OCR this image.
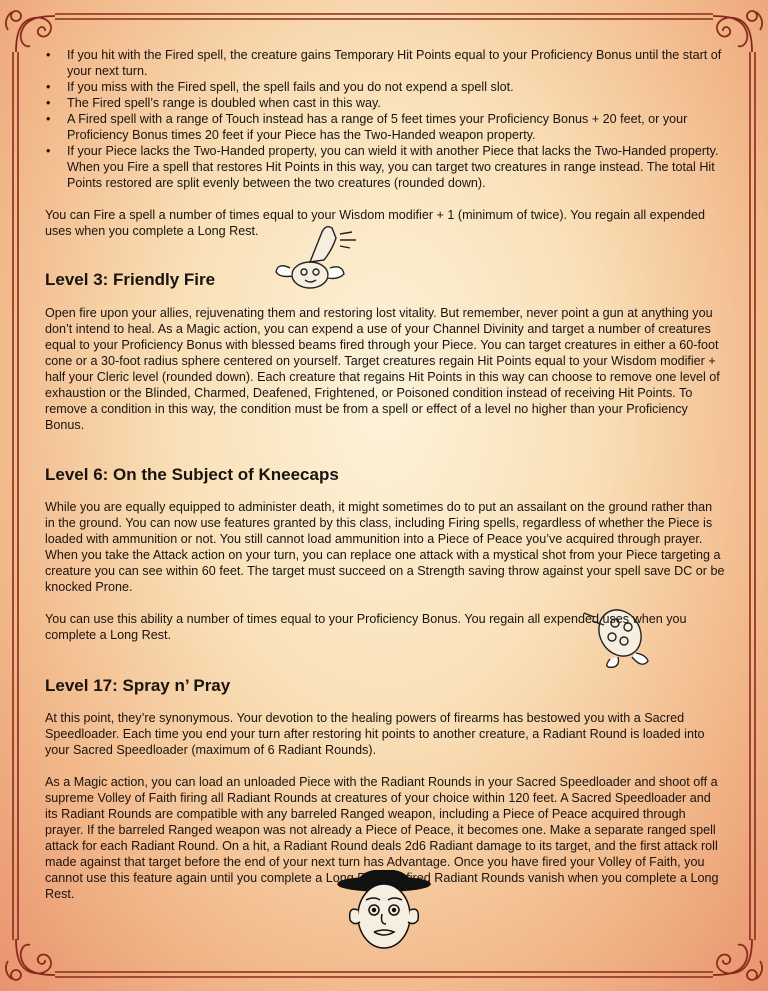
• If you hit with the Fired spell, the creature gains Temporary Hit Points equal to your Proficiency Bonus until the start of your next turn.
• If you miss with the Fired spell, the spell fails and you do not expend a spell slot.
• The Fired spell’s range is doubled when cast in this way.
• A Fired spell with a range of Touch instead has a range of 5 feet times your Proficiency Bonus + 20 feet, or your Proficiency Bonus times 20 feet if your Piece has the Two-Handed weapon property.
• If your Piece lacks the Two-Handed property, you can wield it with another Piece that lacks the Two-Handed property. When you Fire a spell that restores Hit Points in this way, you can target two creatures in range instead. The total Hit Points restored are split evenly between the two creatures (rounded down).

You can Fire a spell a number of times equal to your Wisdom modifier + 1 (minimum of twice). You regain all expended uses when you complete a Long Rest.

Level 3: Friendly Fire

Open fire upon your allies, rejuvenating them and restoring lost vitality. But remember, never point a gun at anything you don’t intend to heal. As a Magic action, you can expend a use of your Channel Divinity and target a number of creatures equal to your Proficiency Bonus with blessed beams fired through your Piece. You can target creatures in either a 60-foot cone or a 30-foot radius sphere centered on yourself. Target creatures regain Hit Points equal to your Wisdom modifier + half your Cleric level (rounded down). Each creature that regains Hit Points in this way can choose to remove one level of exhaustion or the Blinded, Charmed, Deafened, Frightened, or Poisoned condition instead of receiving Hit Points. To remove a condition in this way, the condition must be from a spell or effect of a level no higher than your Proficiency Bonus.

Level 6: On the Subject of Kneecaps

While you are equally equipped to administer death, it might sometimes do to put an assailant on the ground rather than in the ground. You can now use features granted by this class, including Firing spells, regardless of whether the Piece is loaded with ammunition or not. You still cannot load ammunition into a Piece of Peace you’ve acquired through prayer. When you take the Attack action on your turn, you can replace one attack with a mystical shot from your Piece targeting a creature you can see within 60 feet. The target must succeed on a Strength saving throw against your spell save DC or be knocked Prone.

You can use this ability a number of times equal to your Proficiency Bonus. You regain all expended uses when you complete a Long Rest.

Level 17: Spray n’ Pray

At this point, they’re synonymous. Your devotion to the healing powers of firearms has bestowed you with a Sacred Speedloader. Each time you end your turn after restoring hit points to another creature, a Radiant Round is loaded into your Sacred Speedloader (maximum of 6 Radiant Rounds).

As a Magic action, you can load an unloaded Piece with the Radiant Rounds in your Sacred Speedloader and shoot off a supreme Volley of Faith firing all Radiant Rounds at creatures of your choice within 120 feet. A Sacred Speedloader and its Radiant Rounds are compatible with any barreled Ranged weapon, including a Piece of Peace acquired through prayer. If the barreled Ranged weapon was not already a Piece of Peace, it becomes one. Make a separate ranged spell attack for each Radiant Round. On a hit, a Radiant Round deals 2d6 Radiant damage to its target, and the first attack roll made against that target before the end of your next turn has Advantage. Once you have fired your Volley of Faith, you cannot use this feature again until you complete a Long Rest. Unfired Radiant Rounds vanish when you complete a Long Rest.
